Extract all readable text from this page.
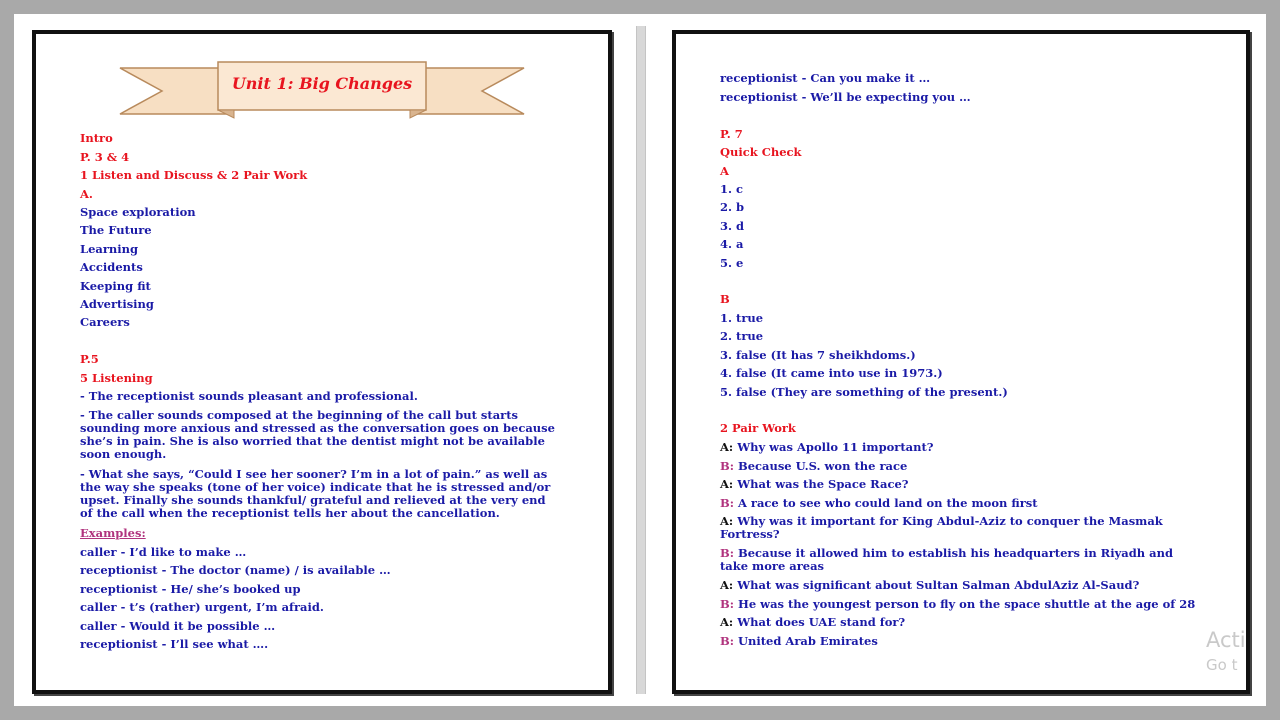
Unit 1: Big Changes
Intro
P. 3 & 4
1 Listen and Discuss & 2 Pair Work
A.
Space exploration
The Future
Learning
Accidents
Keeping fit
Advertising
Careers
P.5
5 Listening
- The receptionist sounds pleasant and professional.
- The caller sounds composed at the beginning of the call but starts sounding more anxious and stressed as the conversation goes on because she’s in pain. She is also worried that the dentist might not be available soon enough.
- What she says, “Could I see her sooner? I’m in a lot of pain.” as well as the way she speaks (tone of her voice) indicate that he is stressed and/or upset. Finally she sounds thankful/ grateful and relieved at the very end of the call when the receptionist tells her about the cancellation.
Examples:
caller - I’d like to make …
receptionist - The doctor (name) / is available …
receptionist - He/ she’s booked up
caller - t’s (rather) urgent, I’m afraid.
caller - Would it be possible …
receptionist - I’ll see what ….
receptionist - Can you make it …
receptionist - We’ll be expecting you …
P. 7
Quick Check
A
1. c
2. b
3. d
4. a
5. e
B
1. true
2. true
3. false (It has 7 sheikhdoms.)
4. false (It came into use in 1973.)
5. false (They are something of the present.)
2 Pair Work
A: Why was Apollo 11 important?
B: Because U.S. won the race
A: What was the Space Race?
B: A race to see who could land on the moon first
A: Why was it important for King Abdul-Aziz to conquer the Masmak Fortress?
B: Because it allowed him to establish his headquarters in Riyadh and take more areas
A: What was significant about Sultan Salman AbdulAziz Al-Saud?
B: He was the youngest person to fly on the space shuttle at the age of 28
A: What does UAE stand for?
B: United Arab Emirates	Acti
Go t
